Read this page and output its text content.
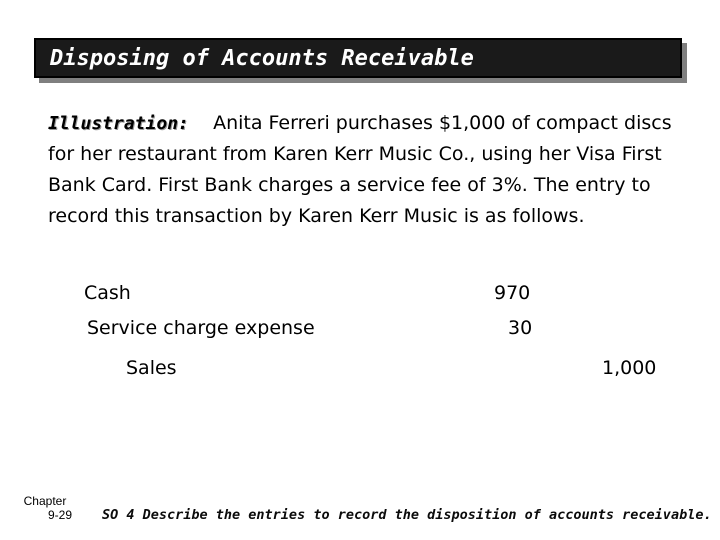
Disposing of Accounts Receivable
Illustration: Anita Ferreri purchases $1,000 of compact discs for her restaurant from Karen Kerr Music Co., using her Visa First Bank Card. First Bank charges a service fee of 3%. The entry to record this transaction by Karen Kerr Music is as follows.
Cash	970
Service charge expense	30
Sales	1,000
Chapter
9-29 SO 4 Describe the entries to record the disposition of accounts receivable.
